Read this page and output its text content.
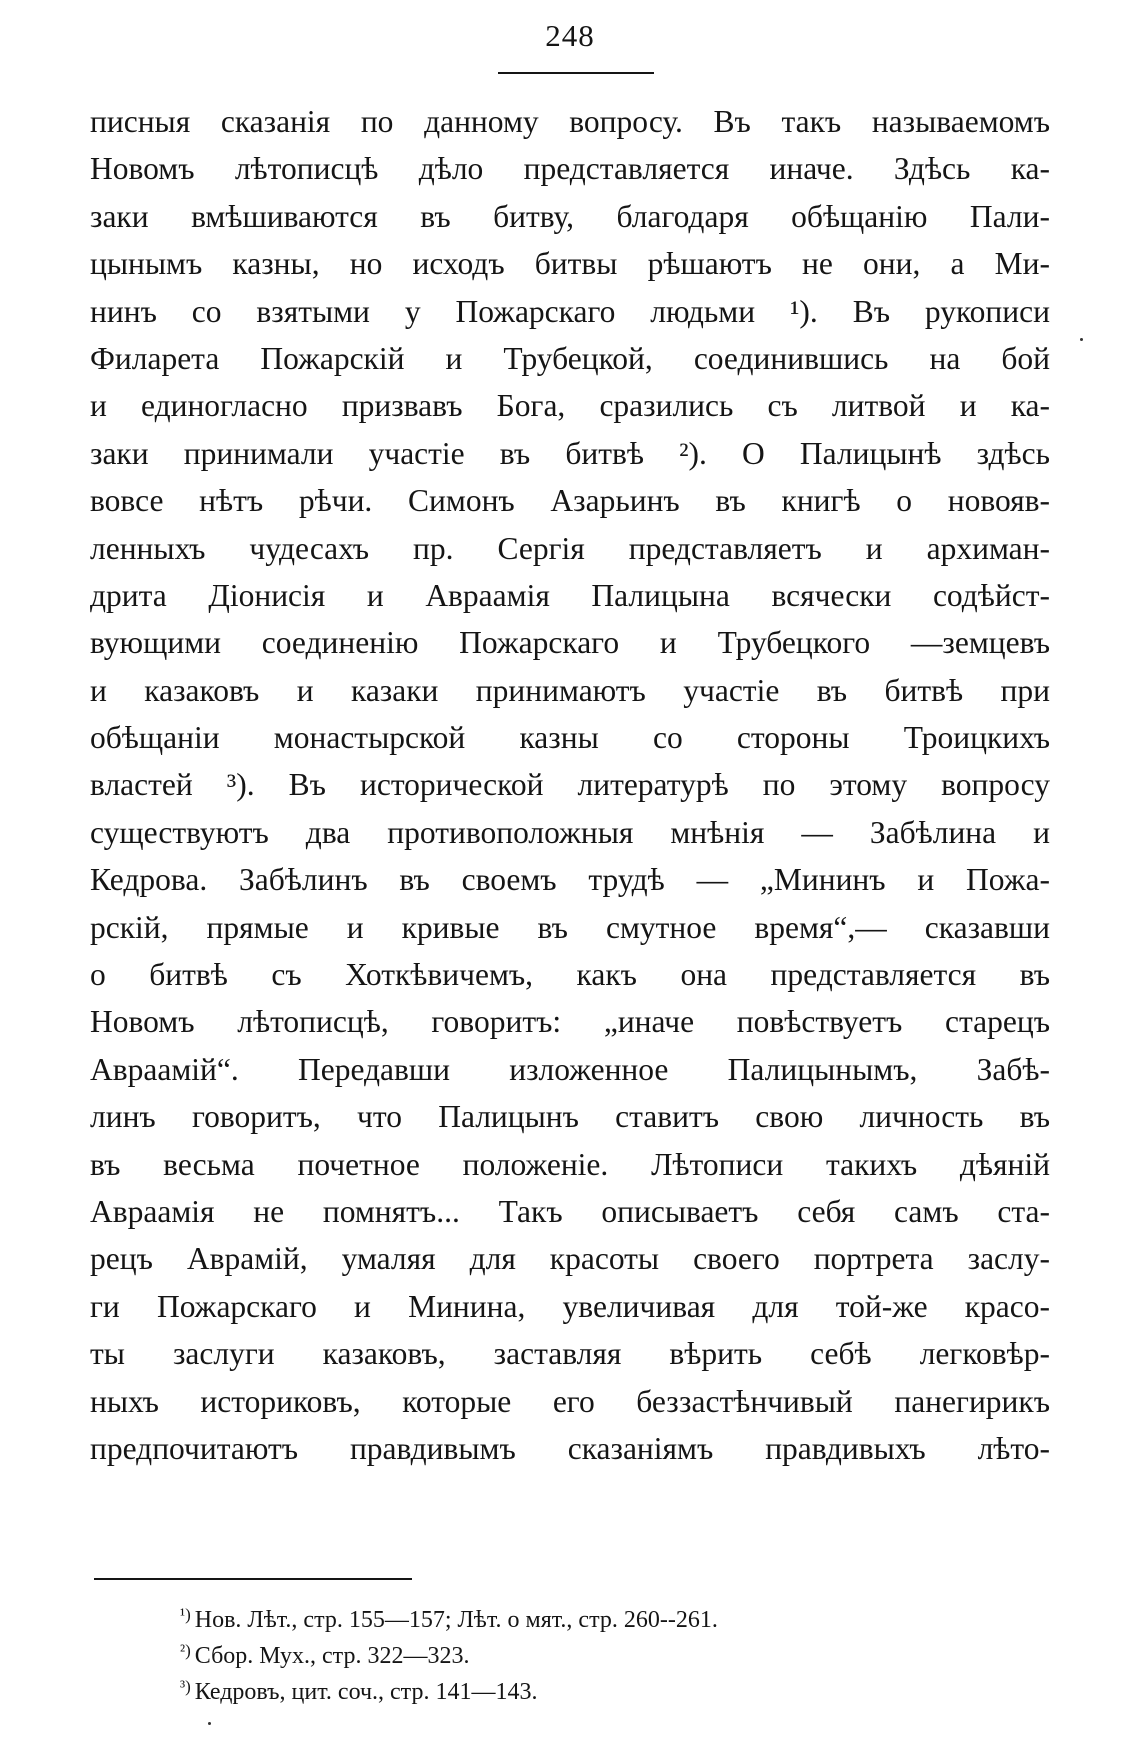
248
писныя сказанія по данному вопросу. Въ такъ называемомъ
Новомъ лѣтописцѣ дѣло представляется иначе. Здѣсь ка-
заки вмѣшиваются въ битву, благодаря обѣщанію Пали-
цынымъ казны, но исходъ битвы рѣшаютъ не они, а Ми-
нинъ со взятыми у Пожарскаго людьми ¹). Въ рукописи
Филарета Пожарскій и Трубецкой, соединившись на бой
и единогласно призвавъ Бога, сразились съ литвой и ка-
заки принимали участіе въ битвѣ ²). О Палицынѣ здѣсь
вовсе нѣтъ рѣчи. Симонъ Азарьинъ въ книгѣ о новояв-
ленныхъ чудесахъ пр. Сергія представляетъ и архиман-
дрита Діонисія и Авраамія Палицына всячески содѣйст-
вующими соединенію Пожарскаго и Трубецкого —земцевъ
и казаковъ и казаки принимаютъ участіе въ битвѣ при
обѣщаніи монастырской казны со стороны Троицкихъ
властей ³). Въ исторической литературѣ по этому вопросу
существуютъ два противоположныя мнѣнія — Забѣлина и
Кедрова. Забѣлинъ въ своемъ трудѣ — „Мининъ и Пожа-
рскій, прямые и кривые въ смутное время“,— сказавши
о битвѣ съ Хоткѣвичемъ, какъ она представляется въ
Новомъ лѣтописцѣ, говоритъ: „иначе повѣствуетъ старецъ
Авраамій“. Передавши изложенное Палицынымъ, Забѣ-
линъ говоритъ, что Палицынъ ставитъ свою личность въ
въ весьма почетное положеніе. Лѣтописи такихъ дѣяній
Авраамія не помнятъ... Такъ описываетъ себя самъ ста-
рецъ Аврамій, умаляя для красоты своего портрета заслу-
ги Пожарскаго и Минина, увеличивая для той-же красо-
ты заслуги казаковъ, заставляя вѣрить себѣ легковѣр-
ныхъ историковъ, которые его беззастѣнчивый панегирикъ
предпочитаютъ правдивымъ сказаніямъ правдивыхъ лѣто-
¹) Нов. Лѣт., стр. 155—157; Лѣт. о мят., стр. 260--261.
²) Сбор. Мух., стр. 322—323.
³) Кедровъ, цит. соч., стр. 141—143.
